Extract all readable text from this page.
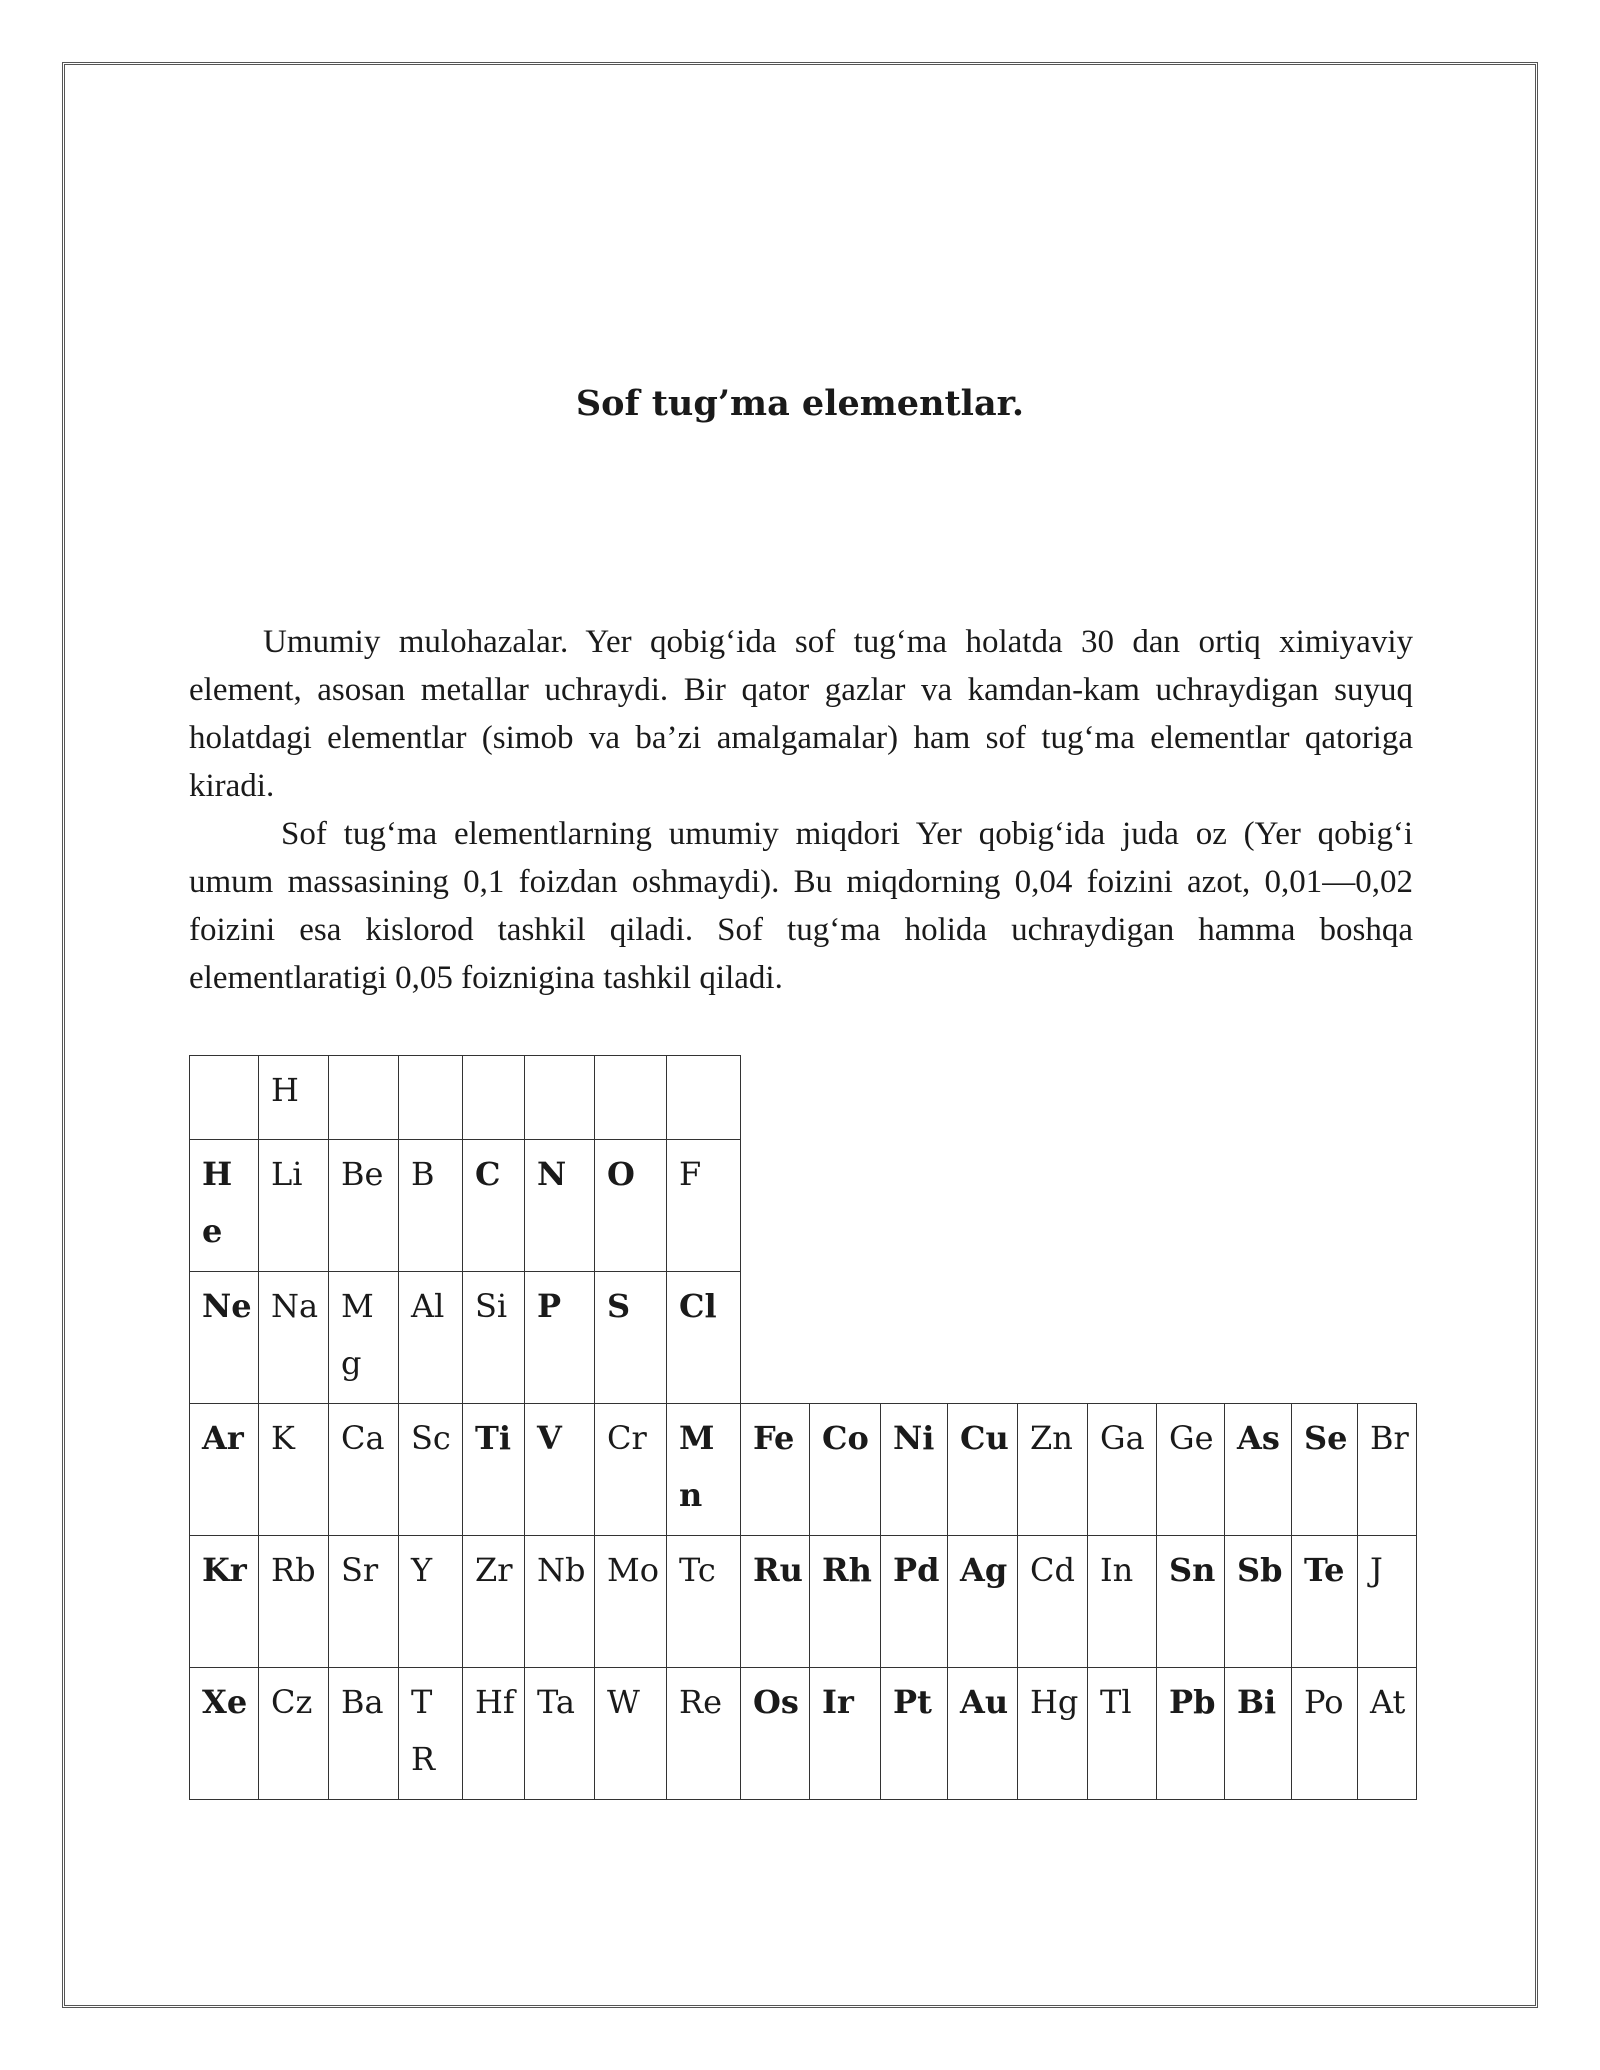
Sof tug’ma elementlar.

Umumiy mulohazalar. Yer qobig‘ida sof tug‘ma holatda 30 dan ortiq ximiyaviy element, asosan metallar uchraydi. Bir qator gazlar va kamdan-kam uchraydigan suyuq holatdagi elementlar (simob va ba’zi amalgamalar) ham sof tug‘ma elementlar qatoriga kiradi.

Sof tug‘ma elementlarning umumiy miqdori Yer qobig‘ida juda oz (Yer qobig‘i umum massasining 0,1 foizdan oshmaydi). Bu miqdorning 0,04 foizini azot, 0,01—0,02 foizini esa kislorod tashkil qiladi. Sof tug‘ma holida uchraydigan hamma boshqa elementlaratigi 0,05 foiznigina tashkil qiladi.

	H																

He	Li	Be	B	C	N	O	F										

Ne	Na	Mg	Al	Si	P	S	Cl										

Ar	K	Ca	Sc	Ti	V	Cr	Mn	Fe	Co	Ni	Cu	Zn	Ga	Ge	As	Se	Br

Kr	Rb	Sr	Y	Zr	Nb	Mo	Tc	Ru	Rh	Pd	Ag	Cd	In	Sn	Sb	Te	J

Xe	Cz	Ba	TR	Hf	Ta	W	Re	Os	Ir	Pt	Au	Hg	Tl	Pb	Bi	Po	At
